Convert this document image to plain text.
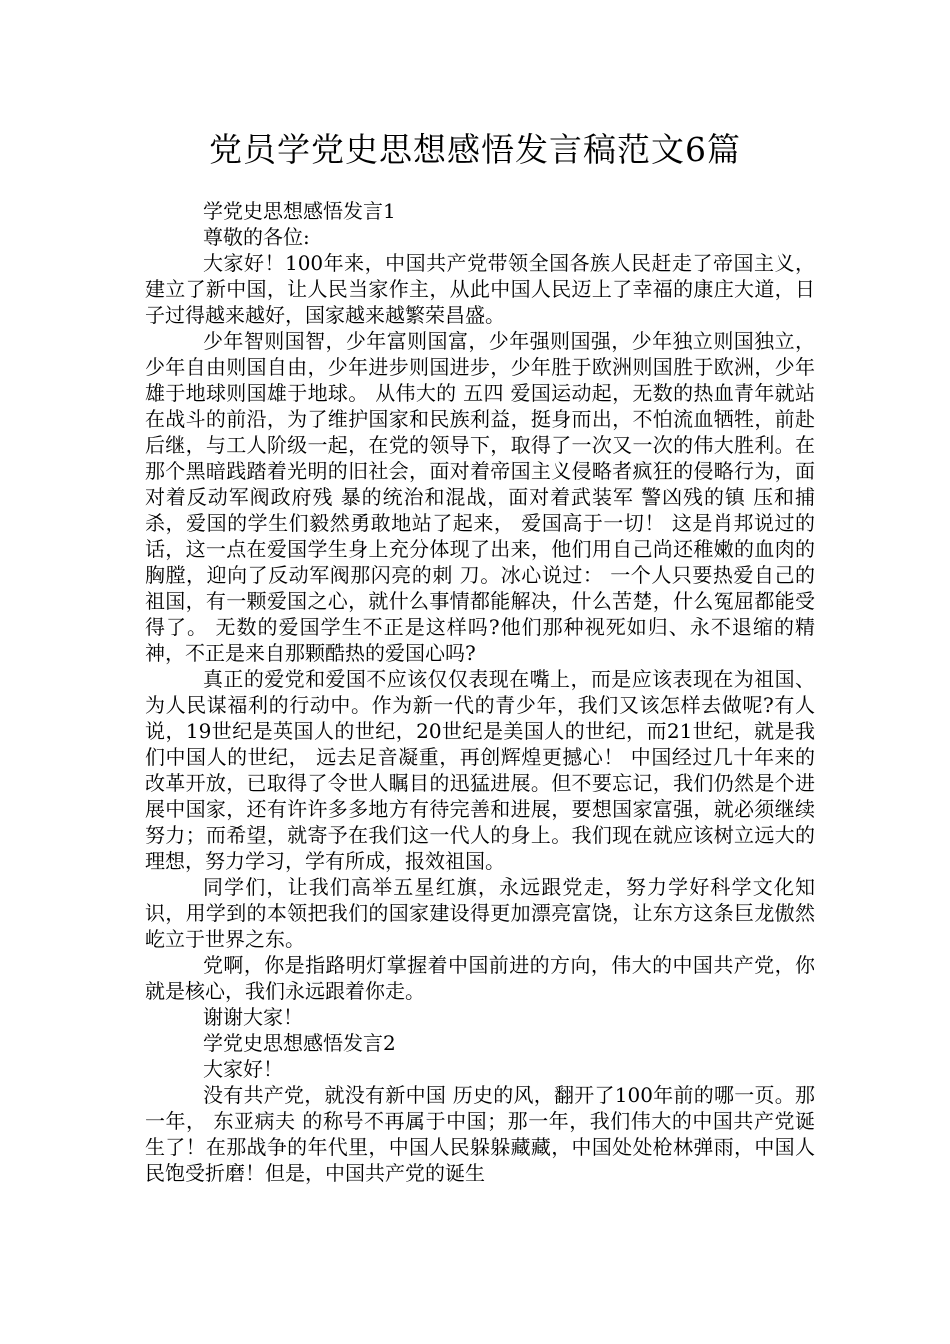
党员学党史思想感悟发言稿范文6篇

学党史思想感悟发言1

尊敬的各位:

大家好！100年来，中国共产党带领全国各族人民赶走了帝国主义，建立了新中国，让人民当家作主，从此中国人民迈上了幸福的康庄大道，日子过得越来越好，国家越来越繁荣昌盛。

少年智则国智，少年富则国富，少年强则国强，少年独立则国独立，少年自由则国自由，少年进步则国进步，少年胜于欧洲则国胜于欧洲，少年雄于地球则国雄于地球。 从伟大的 五四 爱国运动起，无数的热血青年就站在战斗的前沿，为了维护国家和民族利益，挺身而出，不怕流血牺牲，前赴后继，与工人阶级一起，在党的领导下，取得了一次又一次的伟大胜利。在那个黑暗践踏着光明的旧社会，面对着帝国主义侵略者疯狂的侵略行为，面对着反动军阀政府残 暴的统治和混战，面对着武装军 警凶残的镇 压和捕杀，爱国的学生们毅然勇敢地站了起来， 爱国高于一切！ 这是肖邦说过的话，这一点在爱国学生身上充分体现了出来，他们用自己尚还稚嫩的血肉的胸膛，迎向了反动军阀那闪亮的刺 刀。冰心说过： 一个人只要热爱自己的祖国，有一颗爱国之心，就什么事情都能解决，什么苦楚，什么冤屈都能受得了。 无数的爱国学生不正是这样吗?他们那种视死如归、永不退缩的精神，不正是来自那颗酷热的爱国心吗?

真正的爱党和爱国不应该仅仅表现在嘴上，而是应该表现在为祖国、为人民谋福利的行动中。作为新一代的青少年，我们又该怎样去做呢?有人说，19世纪是英国人的世纪，20世纪是美国人的世纪，而21世纪，就是我们中国人的世纪， 远去足音凝重，再创辉煌更撼心！ 中国经过几十年来的改革开放，已取得了令世人瞩目的迅猛进展。但不要忘记，我们仍然是个进展中国家，还有许许多多地方有待完善和进展，要想国家富强，就必须继续努力；而希望，就寄予在我们这一代人的身上。我们现在就应该树立远大的理想，努力学习，学有所成，报效祖国。

同学们，让我们高举五星红旗，永远跟党走，努力学好科学文化知识，用学到的本领把我们的国家建设得更加漂亮富饶，让东方这条巨龙傲然屹立于世界之东。

党啊，你是指路明灯掌握着中国前进的方向，伟大的中国共产党，你就是核心，我们永远跟着你走。

谢谢大家！

学党史思想感悟发言2

大家好！

没有共产党，就没有新中国 历史的风，翻开了100年前的哪一页。那一年， 东亚病夫 的称号不再属于中国；那一年，我们伟大的中国共产党诞生了！在那战争的年代里，中国人民躲躲藏藏，中国处处枪林弹雨，中国人民饱受折磨！但是，中国共产党的诞生
